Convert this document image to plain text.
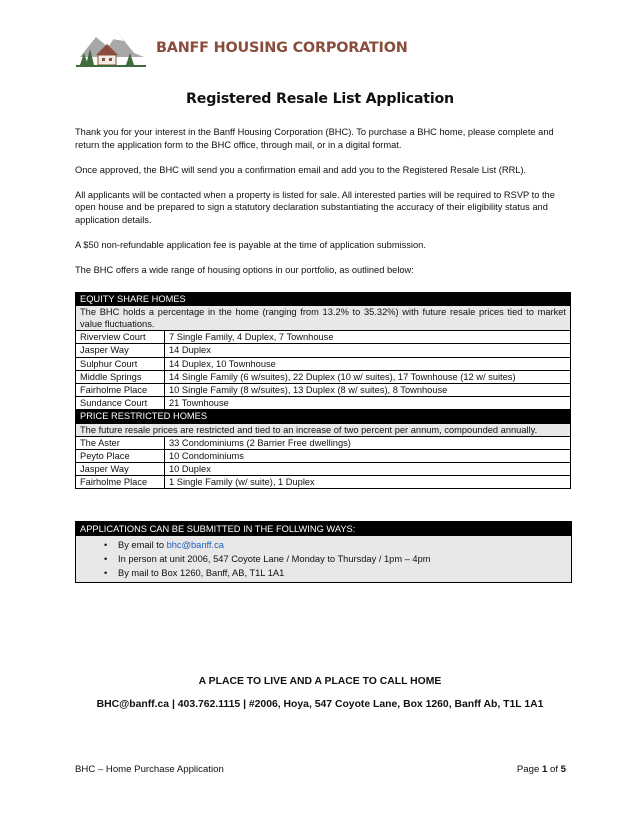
BANFF HOUSING CORPORATION
Registered Resale List Application

Thank you for your interest in the Banff Housing Corporation (BHC). To purchase a BHC home, please complete and return the application form to the BHC office, through mail, or in a digital format.

Once approved, the BHC will send you a confirmation email and add you to the Registered Resale List (RRL).

All applicants will be contacted when a property is listed for sale. All interested parties will be required to RSVP to the open house and be prepared to sign a statutory declaration substantiating the accuracy of their eligibility status and application details.

A $50 non-refundable application fee is payable at the time of application submission.

The BHC offers a wide range of housing options in our portfolio, as outlined below:

EQUITY SHARE HOMES	
The BHC holds a percentage in the home (ranging from 13.2% to 35.32%) with future resale prices tied to market value fluctuations.	
Riverview Court	7 Single Family, 4 Duplex, 7 Townhouse
Jasper Way	14 Duplex
Sulphur Court	14 Duplex, 10 Townhouse
Middle Springs	14 Single Family (6 w/suites), 22 Duplex (10 w/ suites), 17 Townhouse (12 w/ suites)
Fairholme Place	10 Single Family (8 w/suites), 13 Duplex (8 w/ suites), 8 Townhouse
Sundance Court	21 Townhouse
PRICE RESTRICTED HOMES	
The future resale prices are restricted and tied to an increase of two percent per annum, compounded annually.	
The Aster	33 Condominiums (2 Barrier Free dwellings)
Peyto Place	10 Condominiums
Jasper Way	10 Duplex
Fairholme Place	1 Single Family (w/ suite), 1 Duplex
APPLICATIONS CAN BE SUBMITTED IN THE FOLLWING WAYS:
• By email to bhc@banff.ca
• In person at unit 2006, 547 Coyote Lane / Monday to Thursday / 1pm – 4pm
• By mail to Box 1260, Banff, AB, T1L 1A1
A PLACE TO LIVE AND A PLACE TO CALL HOME
BHC@banff.ca | 403.762.1115 | #2006, Hoya, 547 Coyote Lane, Box 1260, Banff Ab, T1L 1A1
BHC – Home Purchase Application	Page 1 of 5
